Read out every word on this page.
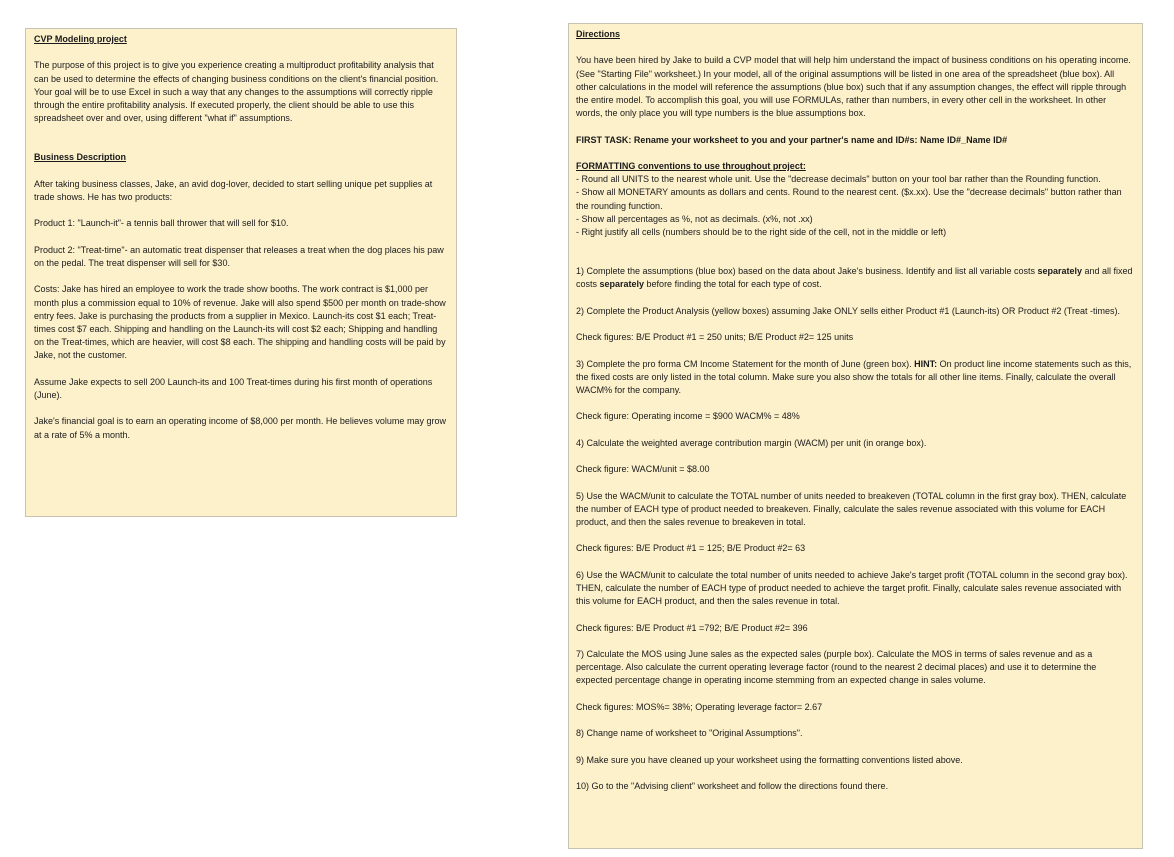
CVP Modeling project

The purpose of this project is to give you experience creating a multiproduct profitability analysis that can be used to determine the effects of changing business conditions on the client's financial position. Your goal will be to use Excel in such a way that any changes to the assumptions will correctly ripple through the entire profitability analysis. If executed properly, the client should be able to use this spreadsheet over and over, using different "what if" assumptions.

Business Description

After taking business classes, Jake, an avid dog-lover, decided to start selling unique pet supplies at trade shows. He has two products:

Product 1: "Launch-it"- a tennis ball thrower that will sell for $10.

Product 2: "Treat-time"- an automatic treat dispenser that releases a treat when the dog places his paw on the pedal. The treat dispenser will sell for $30.

Costs: Jake has hired an employee to work the trade show booths. The work contract is $1,000 per month plus a commission equal to 10% of revenue. Jake will also spend $500 per month on trade-show entry fees. Jake is purchasing the products from a supplier in Mexico. Launch-its cost $1 each; Treat-times cost $7 each. Shipping and handling on the Launch-its will cost $2 each; Shipping and handling on the Treat-times, which are heavier, will cost $8 each. The shipping and handling costs will be paid by Jake, not the customer.

Assume Jake expects to sell 200 Launch-its and 100 Treat-times during his first month of operations (June).

Jake's financial goal is to earn an operating income of $8,000 per month. He believes volume may grow at a rate of 5% a month.

Directions

You have been hired by Jake to build a CVP model that will help him understand the impact of business conditions on his operating income. (See "Starting File" worksheet.) In your model, all of the original assumptions will be listed in one area of the spreadsheet (blue box). All other calculations in the model will reference the assumptions (blue box) such that if any assumption changes, the effect will ripple through the entire model. To accomplish this goal, you will use FORMULAs, rather than numbers, in every other cell in the worksheet. In other words, the only place you will type numbers is the blue assumptions box.

FIRST TASK: Rename your worksheet to you and your partner's name and ID#s: Name ID#_Name ID#

FORMATTING conventions to use throughout project:

- Round all UNITS to the nearest whole unit. Use the "decrease decimals" button on your tool bar rather than the Rounding function.

- Show all MONETARY amounts as dollars and cents. Round to the nearest cent. ($x.xx). Use the "decrease decimals" button rather than the rounding function.

- Show all percentages as %, not as decimals. (x%, not .xx)

- Right justify all cells (numbers should be to the right side of the cell, not in the middle or left)

1) Complete the assumptions (blue box) based on the data about Jake's business. Identify and list all variable costs separately and all fixed costs separately before finding the total for each type of cost.

2) Complete the Product Analysis (yellow boxes) assuming Jake ONLY sells either Product #1 (Launch-its) OR Product #2 (Treat -times).

Check figures: B/E Product #1 = 250 units; B/E Product #2= 125 units

3) Complete the pro forma CM Income Statement for the month of June (green box). HINT: On product line income statements such as this, the fixed costs are only listed in the total column. Make sure you also show the totals for all other line items. Finally, calculate the overall WACM% for the company.

Check figure: Operating income = $900 WACM% = 48%

4) Calculate the weighted average contribution margin (WACM) per unit (in orange box).

Check figure: WACM/unit = $8.00

5) Use the WACM/unit to calculate the TOTAL number of units needed to breakeven (TOTAL column in the first gray box). THEN, calculate the number of EACH type of product needed to breakeven. Finally, calculate the sales revenue associated with this volume for EACH product, and then the sales revenue to breakeven in total.

Check figures: B/E Product #1 = 125; B/E Product #2= 63

6) Use the WACM/unit to calculate the total number of units needed to achieve Jake's target profit (TOTAL column in the second gray box). THEN, calculate the number of EACH type of product needed to achieve the target profit. Finally, calculate sales revenue associated with this volume for EACH product, and then the sales revenue in total.

Check figures: B/E Product #1 =792; B/E Product #2= 396

7) Calculate the MOS using June sales as the expected sales (purple box). Calculate the MOS in terms of sales revenue and as a percentage. Also calculate the current operating leverage factor (round to the nearest 2 decimal places) and use it to determine the expected percentage change in operating income stemming from an expected change in sales volume.

Check figures: MOS%= 38%; Operating leverage factor= 2.67

8) Change name of worksheet to "Original Assumptions".

9) Make sure you have cleaned up your worksheet using the formatting conventions listed above.

10) Go to the "Advising client" worksheet and follow the directions found there.
